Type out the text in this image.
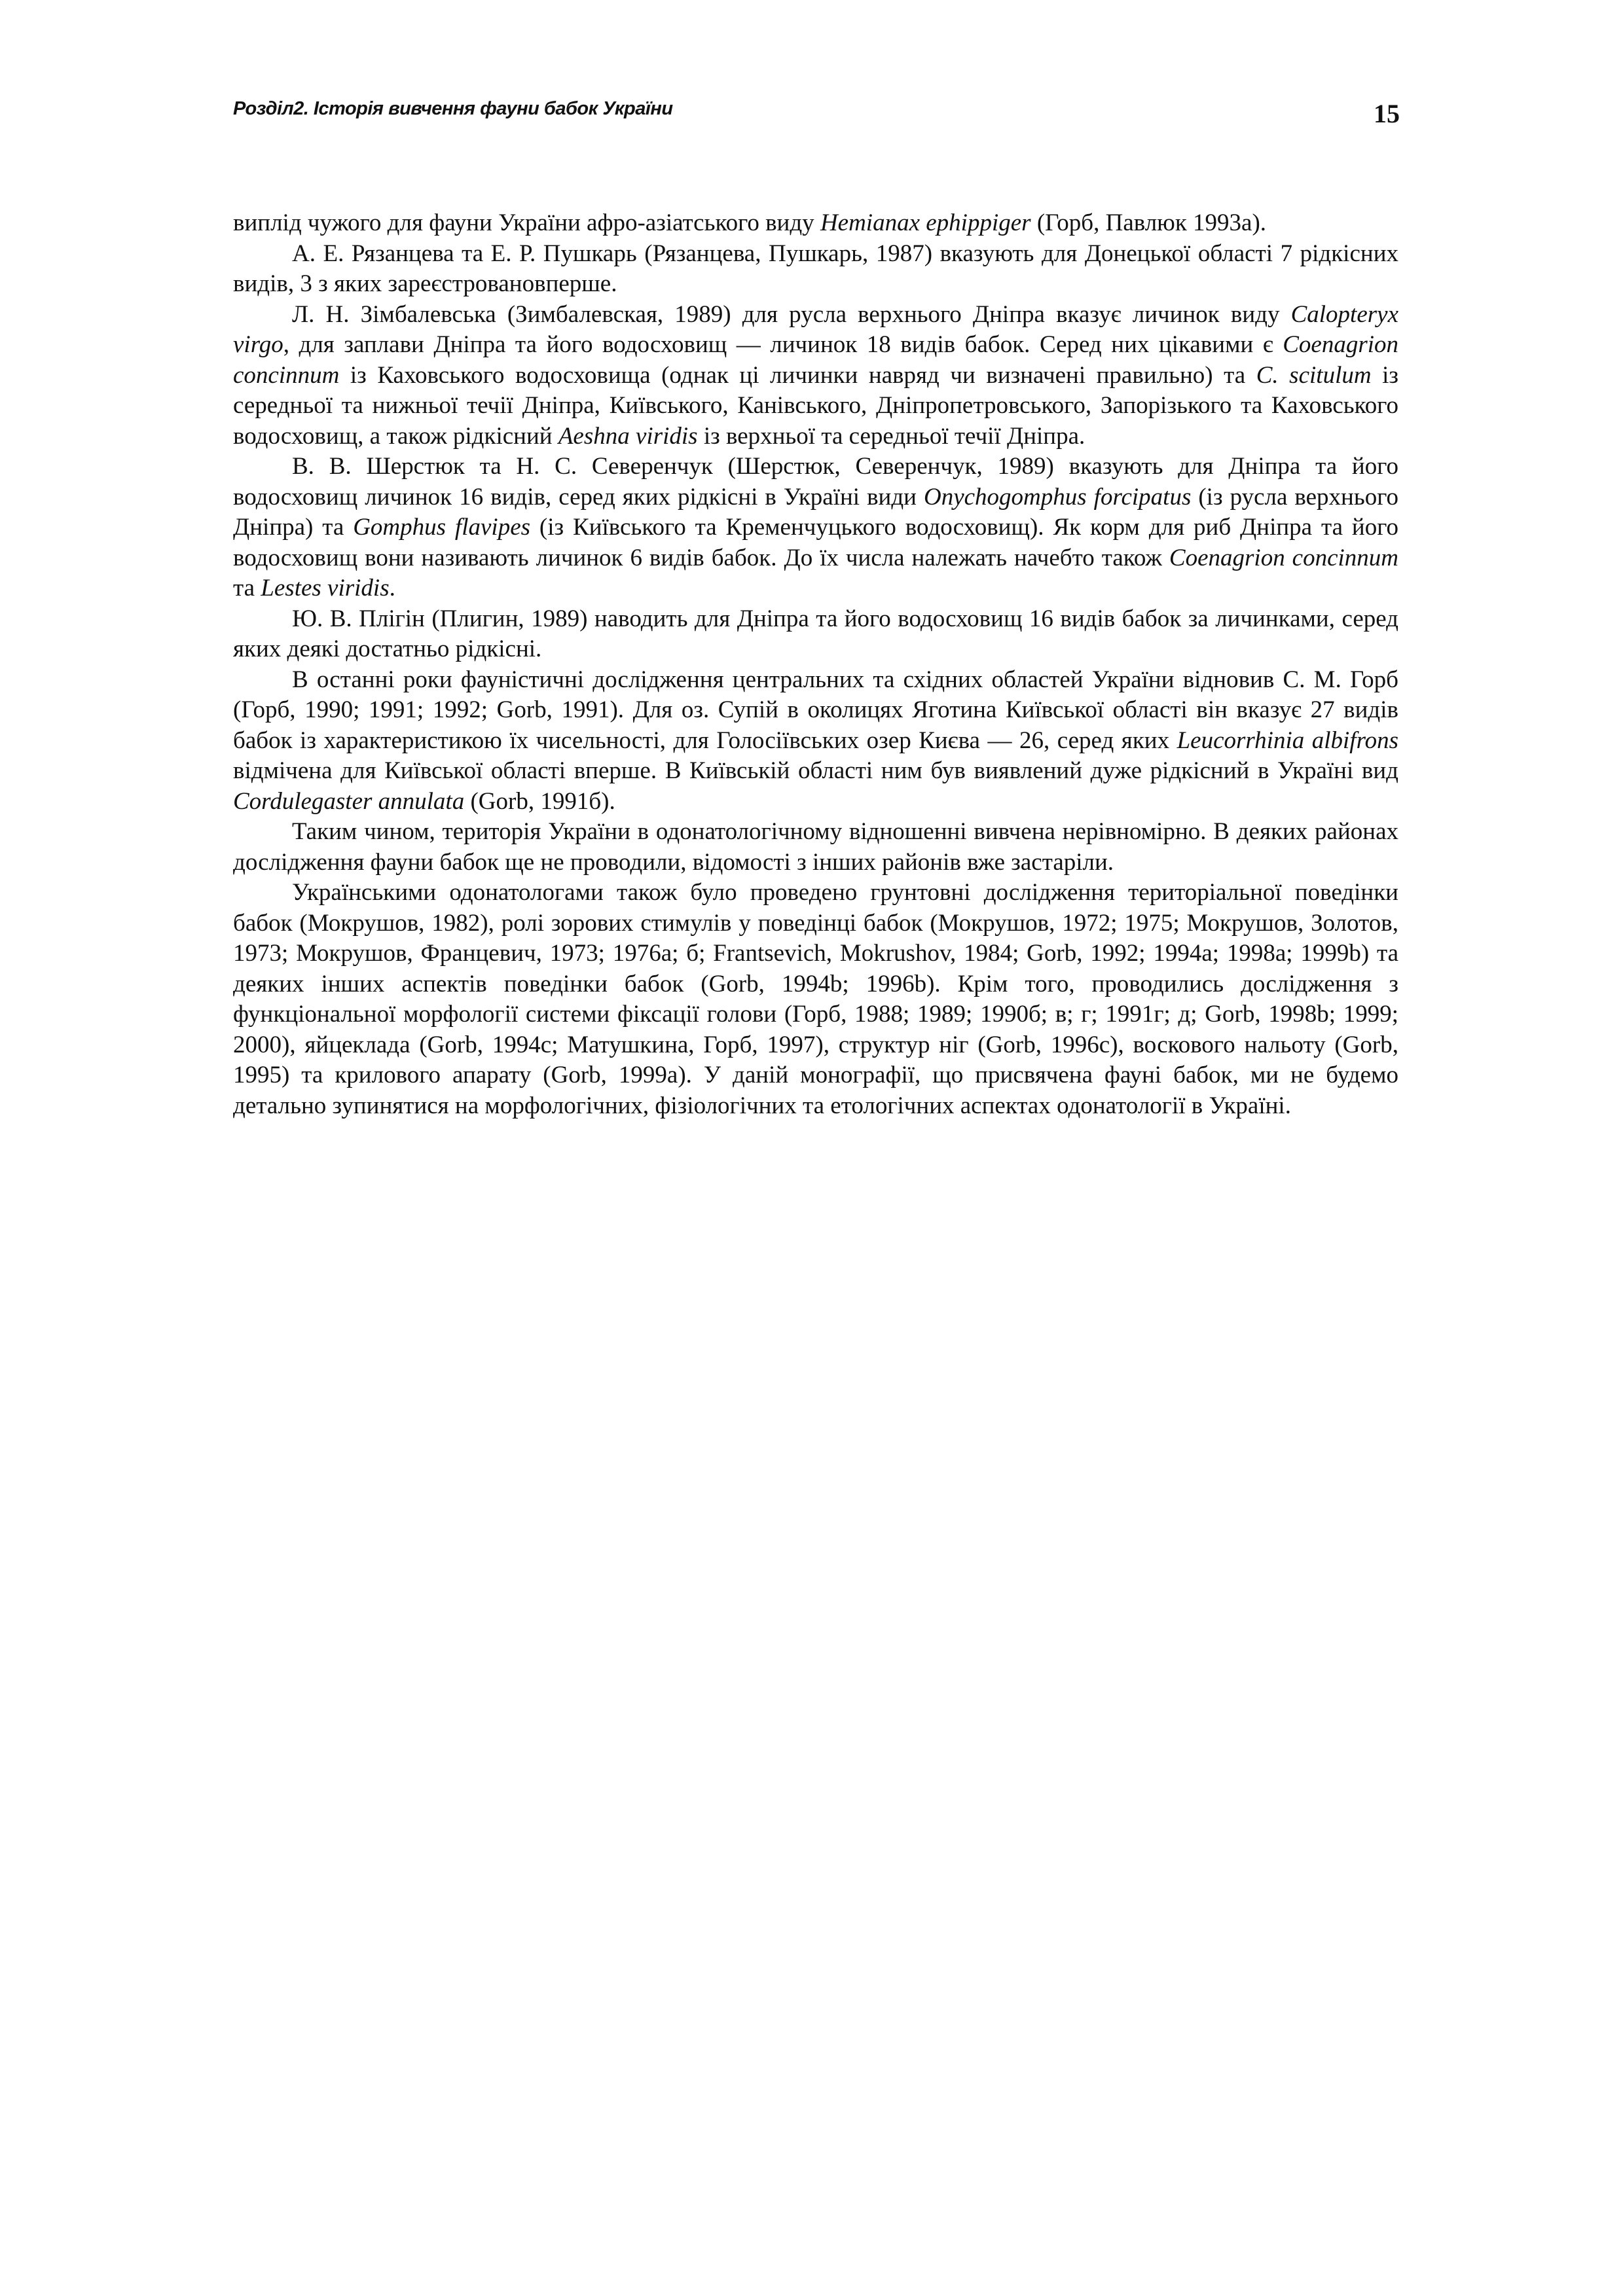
Розділ2. Історія вивчення фауни бабок України	15

виплід чужого для фауни України афро-азіатського виду Hemianax ephippiger (Горб, Павлюк 1993а).

А. Е. Рязанцева та Е. Р. Пушкарь (Рязанцева, Пушкарь, 1987) вказують для Донецької області 7 рідкісних видів, 3 з яких зареєстровановперше.

Л. Н. Зімбалевська (Зимбалевская, 1989) для русла верхнього Дніпра вказує личинок виду Calopteryx virgo, для заплави Дніпра та його водосховищ — личинок 18 видів бабок. Серед них цікавими є Coenagrion concinnum із Каховського водосховища (однак ці личинки навряд чи визначені правильно) та C. scitulum із середньої та нижньої течії Дніпра, Київського, Канівського, Дніпропетровського, Запорізького та Каховського водосховищ, а також рідкісний Aeshna viridis із верхньої та середньої течії Дніпра.

В. В. Шерстюк та Н. С. Северенчук (Шерстюк, Северенчук, 1989) вказують для Дніпра та його водосховищ личинок 16 видів, серед яких рідкісні в Україні види Onychogomphus forcipatus (із русла верхнього Дніпра) та Gomphus flavipes (із Київського та Кременчуцького водосховищ). Як корм для риб Дніпра та його водосховищ вони називають личинок 6 видів бабок. До їх числа належать начебто також Coenagrion concinnum та Lestes viridis.

Ю. В. Плігін (Плигин, 1989) наводить для Дніпра та його водосховищ 16 видів бабок за личинками, серед яких деякі достатньо рідкісні.

В останні роки фауністичні дослідження центральних та східних областей України відновив С. М. Горб (Горб, 1990; 1991; 1992; Gorb, 1991). Для оз. Супій в околицях Яготина Київської області він вказує 27 видів бабок із характеристикою їх чисельності, для Голосіївських озер Києва — 26, серед яких Leucorrhinia albifrons відмічена для Київської області вперше. В Київській області ним був виявлений дуже рідкісний в Україні вид Cordulegaster annulata (Gorb, 1991б).

Таким чином, територія України в одонатологічному відношенні вивчена нерівномірно. В деяких районах дослідження фауни бабок ще не проводили, відомості з інших районів вже застаріли.

Українськими одонатологами також було проведено грунтовні дослідження територіальної поведінки бабок (Мокрушов, 1982), ролі зорових стимулів у поведінці бабок (Мокрушов, 1972; 1975; Мокрушов, Золотов, 1973; Мокрушов, Францевич, 1973; 1976а; б; Frantsevich, Mokrushov, 1984; Gorb, 1992; 1994a; 1998a; 1999b) та деяких інших аспектів поведінки бабок (Gorb, 1994b; 1996b). Крім того, проводились дослідження з функціональної морфології системи фіксації голови (Горб, 1988; 1989; 1990б; в; г; 1991г; д; Gorb, 1998b; 1999; 2000), яйцеклада (Gorb, 1994c; Матушкина, Горб, 1997), структур ніг (Gorb, 1996c), воскового нальоту (Gorb, 1995) та крилового апарату (Gorb, 1999a). У даній монографії, що присвячена фауні бабок, ми не будемо детально зупинятися на морфологічних, фізіологічних та етологічних аспектах одонатології в Україні.
